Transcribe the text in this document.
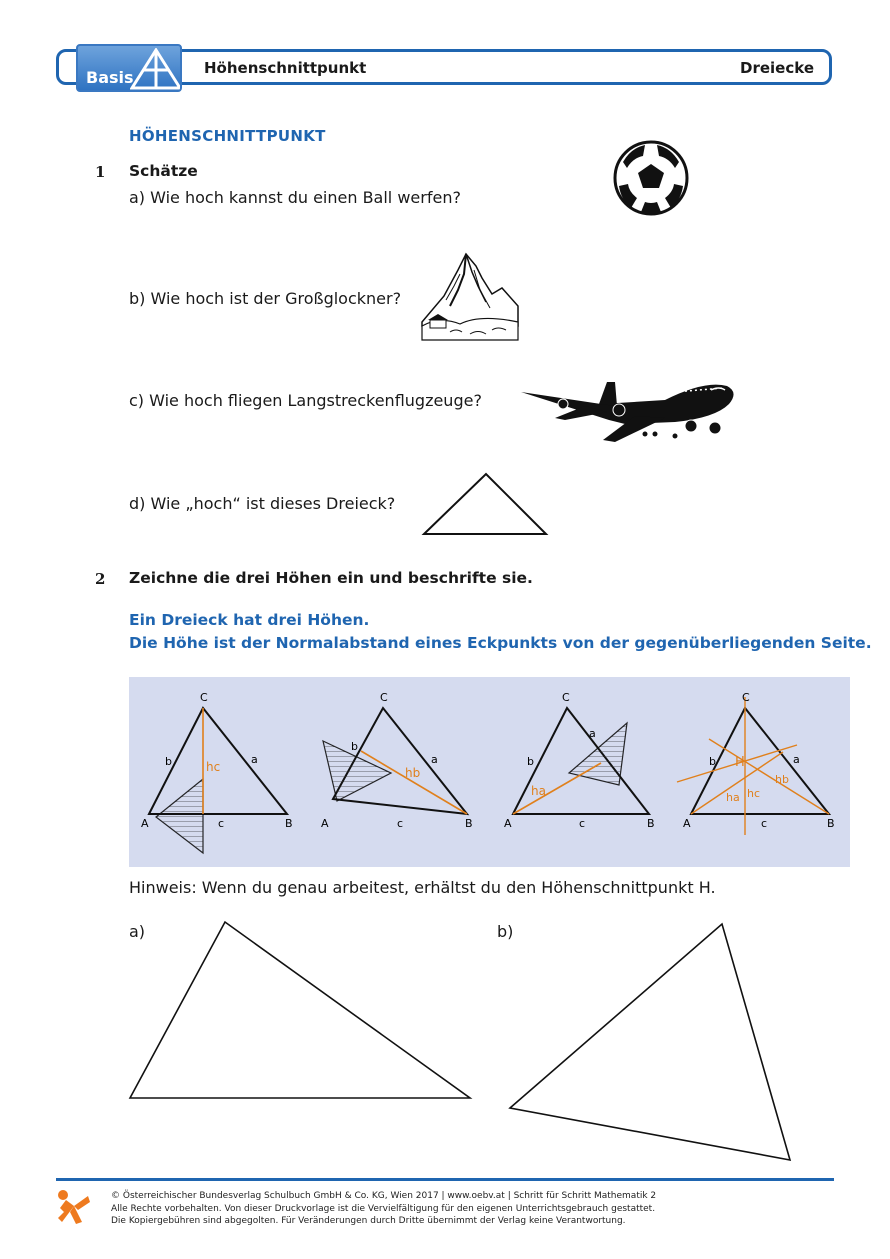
Basis	Höhenschnittpunkt	Dreiecke
HÖHENSCHNITTPUNKT
1 Schätze
a) Wie hoch kannst du einen Ball werfen?
b) Wie hoch ist der Großglockner?
c) Wie hoch fliegen Langstreckenflugzeuge?
d) Wie „hoch“ ist dieses Dreieck?
2 Zeichne die drei Höhen ein und beschrifte sie.
Ein Dreieck hat drei Höhen.
Die Höhe ist der Normalabstand eines Eckpunkts von der gegenüberliegenden Seite.
C
A	B
b	a
c
hc
C
A	B
b
a
c
hb
C
A	B
b
a
c
ha
C
A	B
b	a
c
H
ha
hb
hc
Hinweis: Wenn du genau arbeitest, erhältst du den Höhenschnittpunkt H.
a)	b)
© Österreichischer Bundesverlag Schulbuch GmbH & Co. KG, Wien 2017 | www.oebv.at | Schritt für Schritt Mathematik 2
Alle Rechte vorbehalten. Von dieser Druckvorlage ist die Vervielfältigung für den eigenen Unterrichtsgebrauch gestattet.
Die Kopiergebühren sind abgegolten. Für Veränderungen durch Dritte übernimmt der Verlag keine Verantwortung.
